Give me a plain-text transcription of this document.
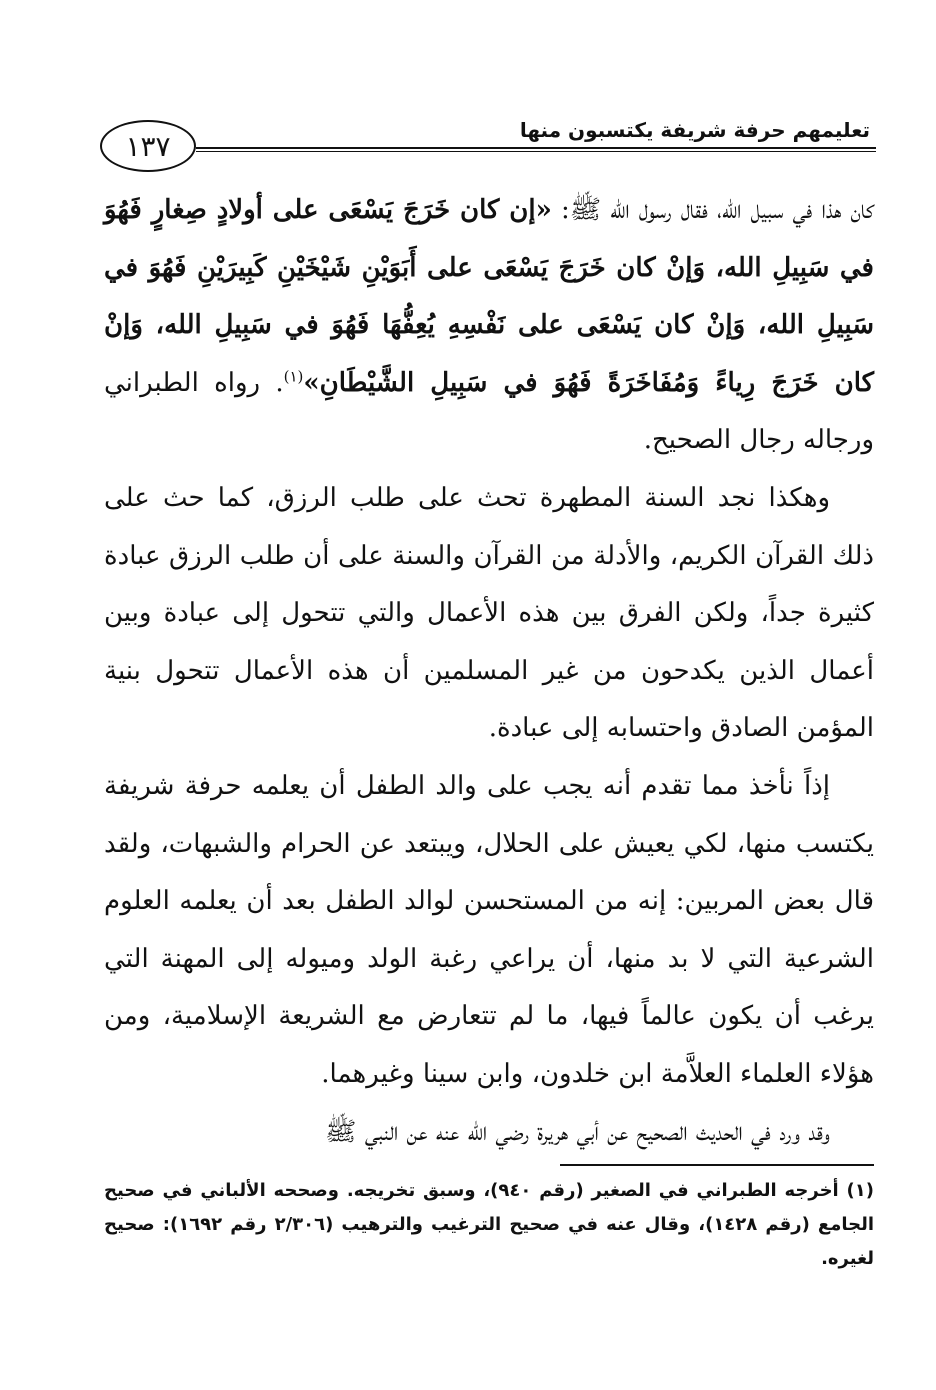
١٣٧	تعليمهم حرفة شريفة يكتسبون منها

كان هذا في سبيل الله، فقال رسول الله ﷺ: «إن كان خَرَجَ يَسْعَى على أولادٍ صِغارٍ فَهُوَ في سَبِيلِ الله، وَإنْ كان خَرَجَ يَسْعَى على أَبَوَيْنِ شَيْخَيْنِ كَبِيرَيْنِ فَهُوَ في سَبِيلِ الله، وَإنْ كان يَسْعَى على نَفْسِهِ يُعِفُّهَا فَهُوَ في سَبِيلِ الله، وَإنْ كان خَرَجَ رِياءً وَمُفَاخَرَةً فَهُوَ في سَبِيلِ الشَّيْطَانِ»$^{(١)}$. رواه الطبراني ورجاله رجال الصحيح.

وهكذا نجد السنة المطهرة تحث على طلب الرزق، كما حث على ذلك القرآن الكريم، والأدلة من القرآن والسنة على أن طلب الرزق عبادة كثيرة جداً، ولكن الفرق بين هذه الأعمال والتي تتحول إلى عبادة وبين أعمال الذين يكدحون من غير المسلمين أن هذه الأعمال تتحول بنية المؤمن الصادق واحتسابه إلى عبادة.

إذاً نأخذ مما تقدم أنه يجب على والد الطفل أن يعلمه حرفة شريفة يكتسب منها، لكي يعيش على الحلال، ويبتعد عن الحرام والشبهات، ولقد قال بعض المربين: إنه من المستحسن لوالد الطفل بعد أن يعلمه العلوم الشرعية التي لا بد منها، أن يراعي رغبة الولد وميوله إلى المهنة التي يرغب أن يكون عالماً فيها، ما لم تتعارض مع الشريعة الإسلامية، ومن هؤلاء العلماء العلاَّمة ابن خلدون، وابن سينا وغيرهما.

وقد ورد في الحديث الصحيح عن أبي هريرة رضي الله عنه عن النبي ﷺ

(١) أخرجه الطبراني في الصغير (رقم ٩٤٠)، وسبق تخريجه. وصححه الألباني في صحيح الجامع (رقم ١٤٢٨)، وقال عنه في صحيح الترغيب والترهيب (٢/٣٠٦ رقم ١٦٩٢): صحيح لغيره.
